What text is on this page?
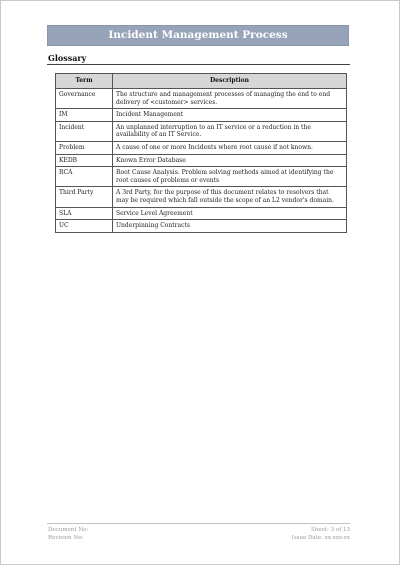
Incident Management Process
Glossary
Term	Description
Governance	The structure and management processes of managing the end to end delivery of <customer> services.
IM	Incident Management
Incident	An unplanned interruption to an IT service or a reduction in the availability of an IT Service.
Problem	A cause of one or more Incidents where root cause if not known.
KEDB	Known Error Database
RCA	Root Cause Analysis. Problem solving methods aimed at identifying the root causes of problems or events
Third Party	A 3rd Party, for the purpose of this document relates to resolvers that may be required which fall outside the scope of an L2 vendor's domain.
SLA	Service Level Agreement
UC	Underpinning Contracts
Document No:
Revision No:
Sheet: 3 of 13
Issue Date: xx-xxx-xx
